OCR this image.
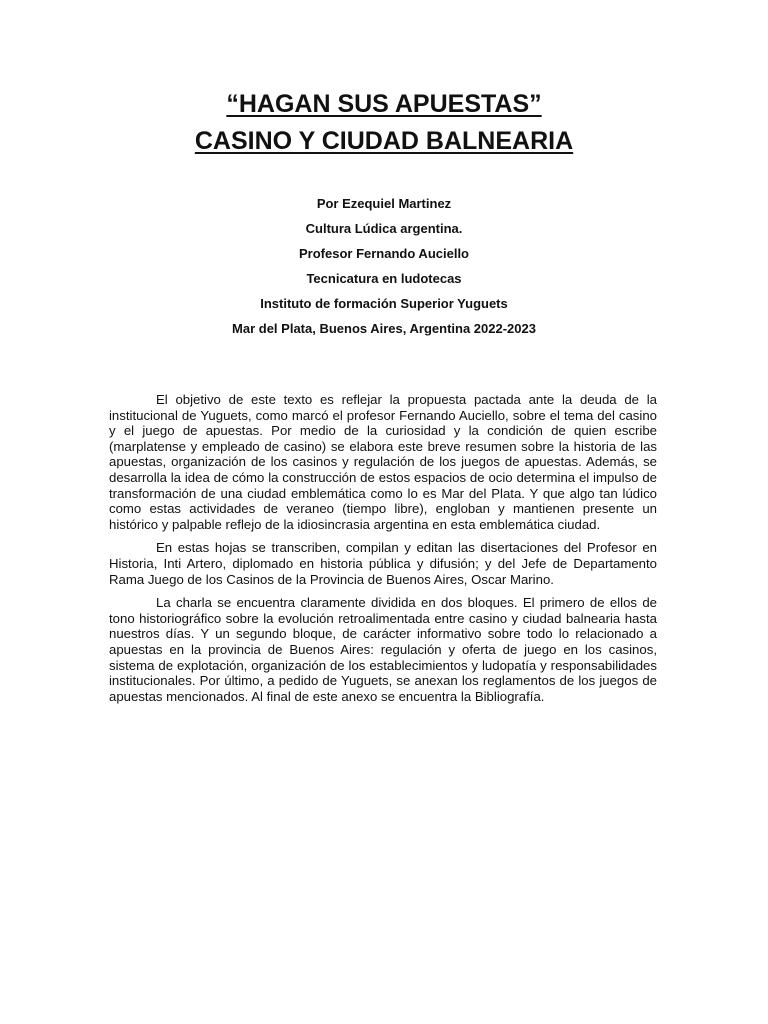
“HAGAN SUS APUESTAS”
CASINO Y CIUDAD BALNEARIA
Por Ezequiel Martinez
Cultura Lúdica argentina.
Profesor Fernando Auciello
Tecnicatura en ludotecas
Instituto de formación Superior Yuguets
Mar del Plata, Buenos Aires, Argentina 2022-2023

El objetivo de este texto es reflejar la propuesta pactada ante la deuda de la institucional de Yuguets, como marcó el profesor Fernando Auciello, sobre el tema del casino y el juego de apuestas. Por medio de la curiosidad y la condición de quien escribe (marplatense y empleado de casino) se elabora este breve resumen sobre la historia de las apuestas, organización de los casinos y regulación de los juegos de apuestas. Además, se desarrolla la idea de cómo la construcción de estos espacios de ocio determina el impulso de transformación de una ciudad emblemática como lo es Mar del Plata. Y que algo tan lúdico como estas actividades de veraneo (tiempo libre), engloban y mantienen presente un histórico y palpable reflejo de la idiosincrasia argentina en esta emblemática ciudad.

En estas hojas se transcriben, compilan y editan las disertaciones del Profesor en Historia, Inti Artero, diplomado en historia pública y difusión; y del Jefe de Departamento Rama Juego de los Casinos de la Provincia de Buenos Aires, Oscar Marino.

La charla se encuentra claramente dividida en dos bloques. El primero de ellos de tono historiográfico sobre la evolución retroalimentada entre casino y ciudad balnearia hasta nuestros días. Y un segundo bloque, de carácter informativo sobre todo lo relacionado a apuestas en la provincia de Buenos Aires: regulación y oferta de juego en los casinos, sistema de explotación, organización de los establecimientos y ludopatía y responsabilidades institucionales. Por último, a pedido de Yuguets, se anexan los reglamentos de los juegos de apuestas mencionados. Al final de este anexo se encuentra la Bibliografía.
